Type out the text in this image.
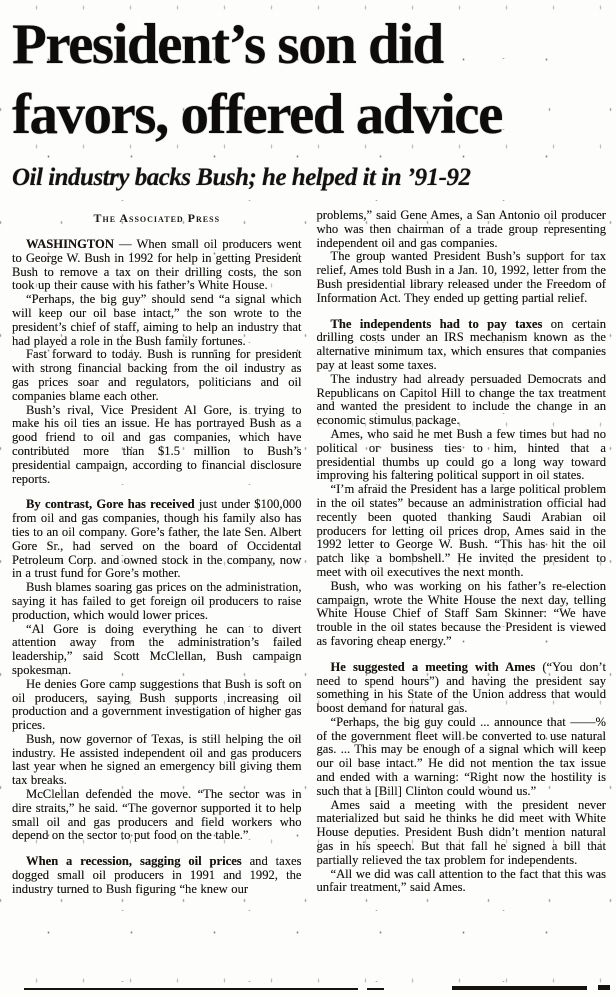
President’s son did
favors, offered advice
Oil industry backs Bush; he helped it in ’91-92
The Associated Press

WASHINGTON — When small oil producers went to George W. Bush in 1992 for help in getting President Bush to remove a tax on their drilling costs, the son took up their cause with his father’s White House.

“Perhaps, the big guy” should send “a signal which will keep our oil base intact,” the son wrote to the president’s chief of staff, aiming to help an industry that had played a role in the Bush family fortunes.

Fast forward to today. Bush is running for president with strong financial backing from the oil industry as gas prices soar and regulators, politicians and oil companies blame each other.

Bush’s rival, Vice President Al Gore, is trying to make his oil ties an issue. He has portrayed Bush as a good friend to oil and gas companies, which have contributed more than $1.5 million to Bush’s presidential campaign, according to financial disclosure reports.

By contrast, Gore has received just under $100,000 from oil and gas companies, though his family also has ties to an oil company. Gore’s father, the late Sen. Albert Gore Sr., had served on the board of Occidental Petroleum Corp. and owned stock in the company, now in a trust fund for Gore’s mother.

Bush blames soaring gas prices on the administration, saying it has failed to get foreign oil producers to raise production, which would lower prices.

“Al Gore is doing everything he can to divert attention away from the administration’s failed leadership,” said Scott McClellan, Bush campaign spokesman.

He denies Gore camp suggestions that Bush is soft on oil producers, saying Bush supports increasing oil production and a government investigation of higher gas prices.

Bush, now governor of Texas, is still helping the oil industry. He assisted independent oil and gas producers last year when he signed an emergency bill giving them tax breaks.

McClellan defended the move. “The sector was in dire straits,” he said. “The governor supported it to help small oil and gas producers and field workers who depend on the sector to put food on the table.”

When a recession, sagging oil prices and taxes dogged small oil producers in 1991 and 1992, the industry turned to Bush figuring “he knew our

problems,” said Gene Ames, a San Antonio oil producer who was then chairman of a trade group representing independent oil and gas companies.

The group wanted President Bush’s support for tax relief, Ames told Bush in a Jan. 10, 1992, letter from the Bush presidential library released under the Freedom of Information Act. They ended up getting partial relief.

The independents had to pay taxes on certain drilling costs under an IRS mechanism known as the alternative minimum tax, which ensures that companies pay at least some taxes.

The industry had already persuaded Democrats and Republicans on Capitol Hill to change the tax treatment and wanted the president to include the change in an economic stimulus package.

Ames, who said he met Bush a few times but had no political or business ties to him, hinted that a presidential thumbs up could go a long way toward improving his faltering political support in oil states.

“I’m afraid the President has a large political problem in the oil states” because an administration official had recently been quoted thanking Saudi Arabian oil producers for letting oil prices drop, Ames said in the 1992 letter to George W. Bush. “This has hit the oil patch like a bombshell.” He invited the president to meet with oil executives the next month.

Bush, who was working on his father’s re-election campaign, wrote the White House the next day, telling White House Chief of Staff Sam Skinner: “We have trouble in the oil states because the President is viewed as favoring cheap energy.”

He suggested a meeting with Ames (“You don’t need to spend hours”) and having the president say something in his State of the Union address that would boost demand for natural gas.

“Perhaps, the big guy could ... announce that ——% of the government fleet will be converted to use natural gas. ... This may be enough of a signal which will keep our oil base intact.” He did not mention the tax issue and ended with a warning: “Right now the hostility is such that a [Bill] Clinton could wound us.”

Ames said a meeting with the president never materialized but said he thinks he did meet with White House deputies. President Bush didn’t mention natural gas in his speech. But that fall he signed a bill that partially relieved the tax problem for independents.

“All we did was call attention to the fact that this was unfair treatment,” said Ames.
